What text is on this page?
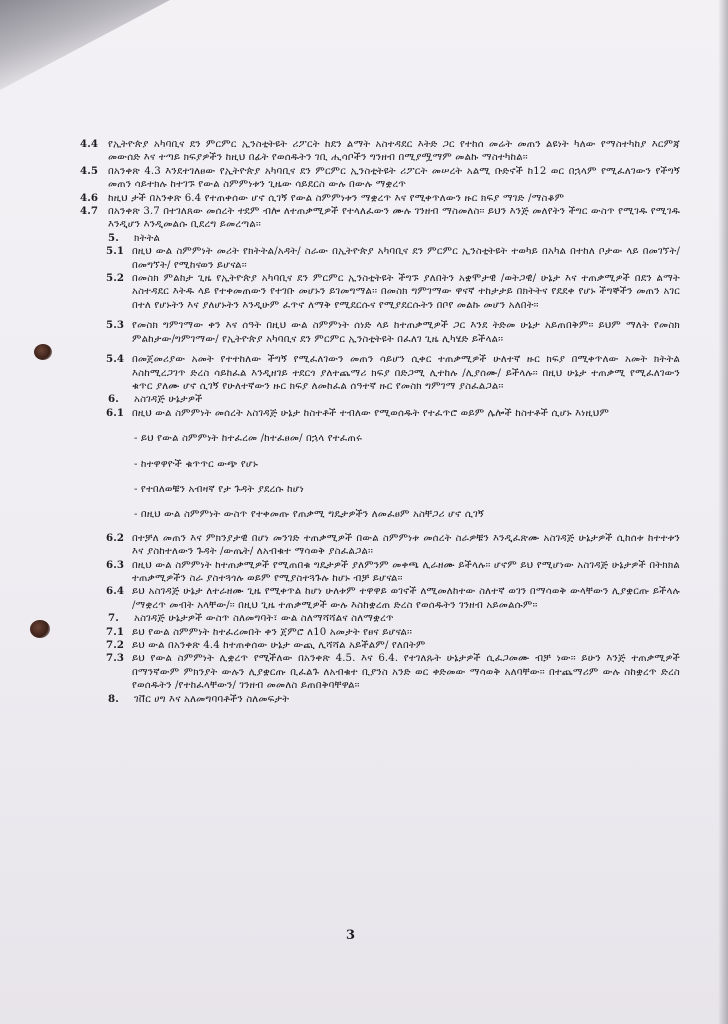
4.4 የኢትዮጵያ አካባቢና ደን ምርምር ኢንስቲትዩት ሪፖርት ከደን ልማት አስተዳደር እትድ ጋር የተከሰ መሬት መጠን ልዩነት ካለው የማስተካከያ እርምጃ መውሰድ እና ተጣይ ክፍያዎችን ከዚህ በፊት የወሰዱትን ገቢ ሒሳቦችን ግንዘብ በሚያሟማም መልኩ ማስተካከል፡፡
4.5 በአንቀጽ 4.3 እንደተገለፀው የኢትዮጵያ አካባቢና ደን ምርምር ኢንስቲትዩት ሪፖርት መሠረት አልሚ ቡድኖች ከ12 ወር በኋላም የሚፈለገውን የችግኝ መጠን ሳይተክሉ ከተገኙ የውል ስምምነቱን ጊዜው ሳይደርስ ውሉ በውሉ ማቋረጥ
4.6 ከዚህ ታች በአንቀጽ 6.4 የተጠቀሰው ሆኖ ሲገኝ የውል ስምምነቱን ማቋረጥ እና የሚቀጥለውን ዙር ክፍያ ማገድ /ማስቆም
4.7 በአንቀጽ 3.7 በተገለጸው መሰረት ተደም ብሎ ለተጠቃሚዎች የተላለፈውን ሙሉ ገንዘብ ማስመለስ፡፡ ይህን እንጅ መለየትን ችግር ውስጥ የሚገዱ የሚገዱ እንዲሆን እንዲመልሱ ቢደረግ ይመረጣል፡፡
5.	ክትትል
5.1 በዚህ ውል ስምምነት መሪት የክትትል/አዳት/ ስራው በኢትዮጵያ አካባቢና ደን ምርምር ኢንስቲትዩት ተወካይ በአካል በተከለ ቦታው ላይ በመገኘት/በመግኘት/ የሚከናወን ይሆናል፡፡
5.2 በመስክ ምልከታ ጊዜ የኢትዮጵያ አካባቢና ደን ምርምር ኢንስቲትዩት ችግኙ ያለበትን አቋሞታዊ /ወትጋዊ/ ሁኔታ እና ተጠቃሚዎች በደን ልማት አስተዳደር እትዱ ላይ የተቀመጠውን የተገቡ መሆኑን ይገመግማል፡፡ በመስክ ግምገማው ዋናኛ ተከታታይ በክትትና የደደቀ የሆኑ ችግኞችን መጠን አገር በተለ የሆኑትን እና ያለሆኑትን እንዲሁም ፈጥኖ ለማቅ የሚደርሱና የሚያደርሱትን በቦየ መልኩ መሆን አለበት፡፡
5.3 የመስክ ግምገማው ቀን እና ሰዓት በዚህ ውል ስምምነት ሰነድ ላይ ከተጠቃሚዎች ጋር እንደ ትድመ ሁኔታ አይጠበቅም፡፡ ይህም ማለት የመስክ ምልከታው/ግምገማው/ የኢትዮጵያ አካባቢና ደን ምርምር ኢንስቲትዩት በፈለገ ጊዜ ሊካሄድ ይችላል፡፡
5.4 በመጀመሪያው አመት የተተከለው ችግኝ የሚፈለገውን መጠን ሳይሆን ሲቀር ተጠቃሚዎች ሁለተኛ ዙር ክፍያ በሚቀጥለው አመት ክትትል እስከሚረጋገጥ ድረስ ሳይከፈል እንዲዘገይ ተደርጎ ያለተጨማሪ ክፍያ በድጋሚ ሊተከሉ /ሊያሰሙ/ ይችላሉ፡፡ በዚህ ሁኔታ ተጠቃሚ የሚፈለገውን ቁጥር ያለሙ ሆኖ ሲገኝ የሁለተኛውን ዙር ክፍያ ለመከፈል ሰዓተኛ ዙር የመስክ ግምገማ ያስፈልጋል፡፡
6.	አስገዳጅ ሁኔታዎች
6.1 በዚህ ውል ስምምነት መሰረት አስገዳጅ ሁኔታ ከስተቶች ተብለው የሚወሰዱት የተፈጥሮ ወይም ሌሎች ከስተቶች ሲሆኑ እነዚህም
- ይህ የውል ስምምነት ከተፈረመ /ከተፈፀመ/ በኋላ የተፈጠሩ
- ከተዋዋዮች ቁጥጥር ውጭ የሆኑ
- የተበለወቹን አብዛኛ የታ ጉዳት ያደረሱ ከሆነ
- በዚህ ውል ስምምነት ውስጥ የተቀመጡ የጠቃሚ ግዴታዎችን ለመፈፀም አስቸጋሪ ሆኖ ሲገኝ
6.2 በተቻለ መጠን እና ምክንያታዊ በሆነ መንገድ ተጠቃሚዎች በውል ስምምነቱ መሰረት ስራዎቹን እንዲፈጽሙ አስገዳጅ ሁኔታዎች ሲከሰቱ ከተተቱን እና ያስከተለውን ጉዳት /ውጤት/ ለአብቁተ ማሳወቅ ያስፈልጋል፡፡
6.3 በዚህ ውል ስምምነት ከተጠቃሚዎች የሚጠበቁ ግዴታዎች ያለምንም መቀጫ ሊራዘሙ ይችላሉ፡፡ ሆኖም ይህ የሚሆነው አስገዳጅ ሁኔታዎች በትክክል ተጠቃሚዎችን ስራ ያስተጓጎሉ ወይም የሚያስተጓጉሉ ከሆኑ ብቻ ይሆናል፡፡
6.4 ይህ አስገዳጅ ሁኔታ ለተራዘሙ ጊዜ የሚቀጥል ከሆነ ሁለቱም ተዋዋይ ወገኖች ለሚመለከተው ስለተኛ ወገን በማሳወቅ ውላቸውን ሊያቋርጡ ይችላሉ /ማቋረጥ መብት አላቸው/፡፡ በዚህ ጊዜ ተጠቃሚዎች ውሉ እስከቋረጠ ድረስ የወሰዱትን ገንዘብ አይመልሱም፡፡
7.	አስገዳጅ ሁኔታዎች ውስጥ ስለመግባት፣ ውል ስለማሻሻልና ስለማቋረጥ
7.1 ይህ የውል ስምምነት ከተፈረመበት ቀን ጀምሮ ለ10 አመታት የፀና ይሆናል፡፡
7.2 ይህ ውል በአንቀጽ 4.4 ከተጠቀሰው ሁኔታ ውጪ ሊሻሻል አይችልም/ የለበትም
7.3 ይህ የውል ስምምነት ሊቋረጥ የሚችለው በአንቀጽ 4.5. እና 6.4. የተገለጹት ሁኔታዎች ሲፈጋመሙ ብቻ ነው፡፡ ይሁን እንጅ ተጠቃሚዎች በማንኛውም ምክንያት ውሉን ሊያቋርጡ ቢፈልጉ ለአብቁተ ቢያንስ አንድ ወር ቀድመው ማሳወቅ አለባቸው፡፡ በተጨማሪም ውሉ ስከቋረጥ ድረስ የወሰዱትን /የተከፈላቸውን/ ገንዘብ መመለስ ይጠበቅባቸዋል፡፡
8.	ገቨር ሀግ እና አለመግባባቶችን ስለመፍታት
3
